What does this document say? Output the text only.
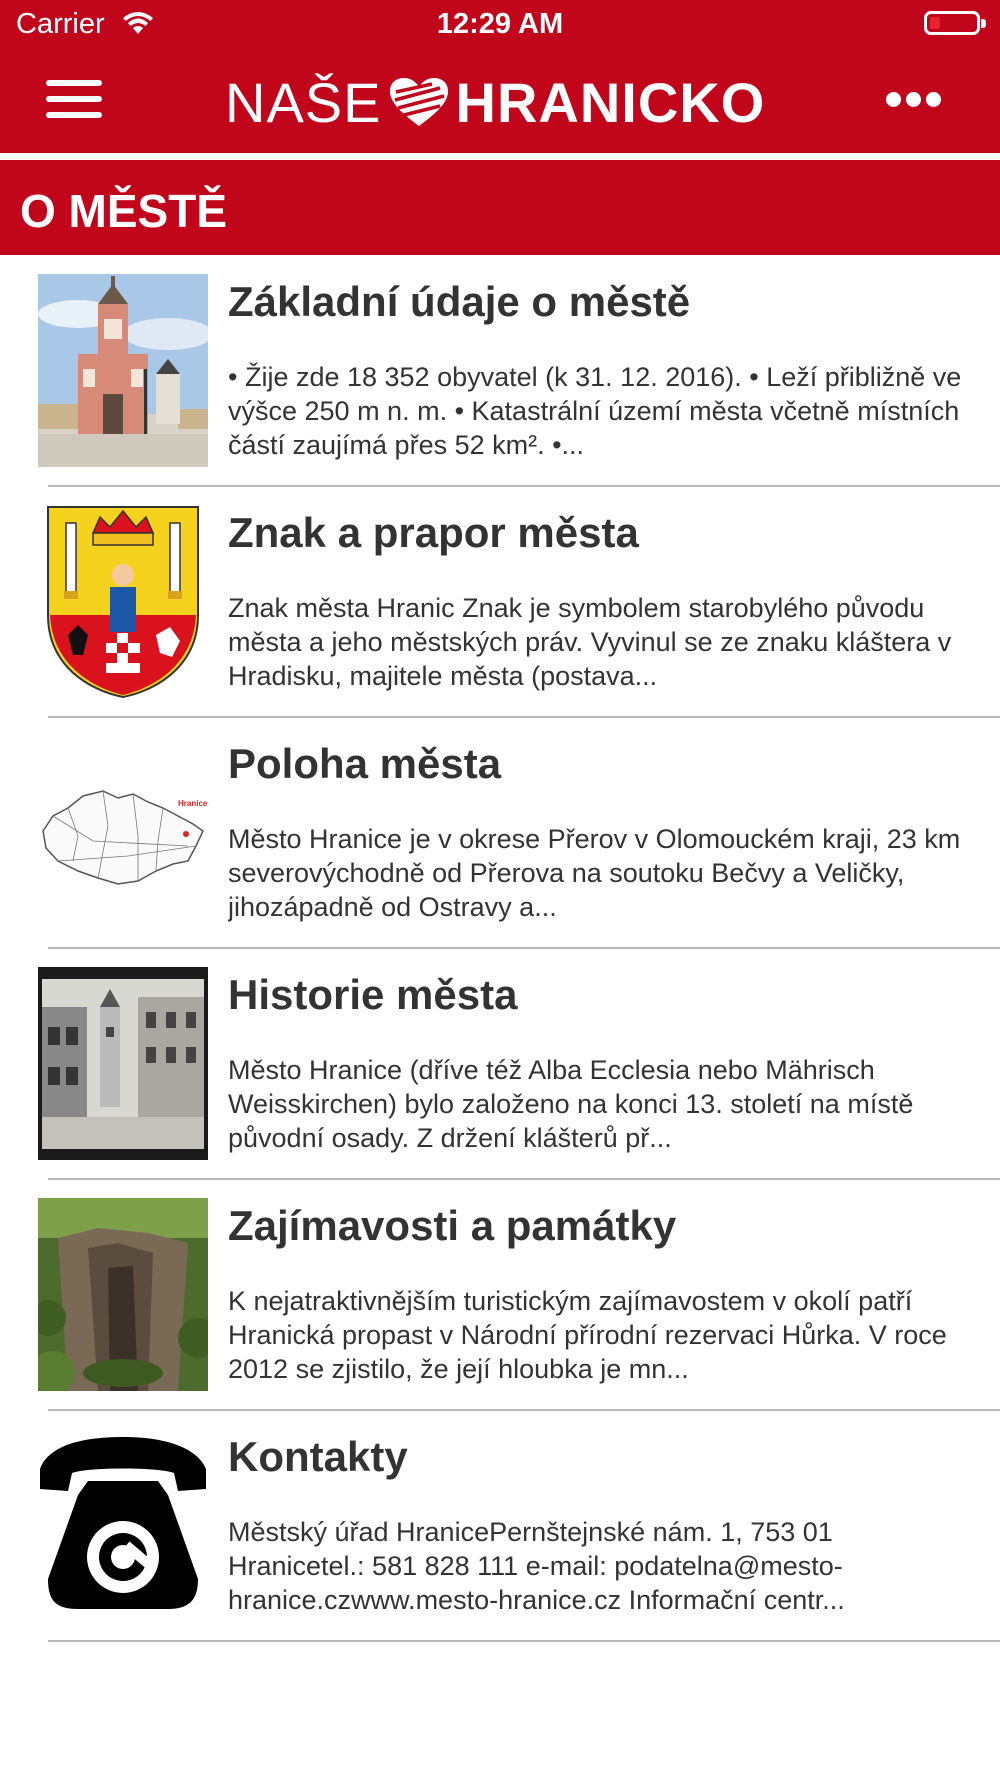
Carrier	12:29 AM
NAŠE HRANICKO
O MĚSTĚ
Základní údaje o městě
• Žije zde 18 352 obyvatel (k 31. 12. 2016). • Leží přibližně ve výšce 250 m n. m. • Katastrální území města včetně místních částí zaujímá přes 52 km². •...
Znak a prapor města
Znak města Hranic Znak je symbolem starobylého původu města a jeho městských práv. Vyvinul se ze znaku kláštera v Hradisku, majitele města (postava...
Hranice
Poloha města
Město Hranice je v okrese Přerov v Olomouckém kraji, 23 km severovýchodně od Přerova na soutoku Bečvy a Veličky, jihozápadně od Ostravy a...
Historie města
Město Hranice (dříve též Alba Ecclesia nebo Mährisch Weisskirchen) bylo založeno na konci 13. století na místě původní osady. Z držení klášterů př...
Zajímavosti a památky
K nejatraktivnějším turistickým zajímavostem v okolí patří Hranická propast v Národní přírodní rezervaci Hůrka. V roce 2012 se zjistilo, že její hloubka je mn...
Kontakty
Městský úřad HranicePernštejnské nám. 1, 753 01 Hranicetel.: 581 828 111 e-mail: podatelna@mesto-hranice.czwww.mesto-hranice.cz Informační centr...
